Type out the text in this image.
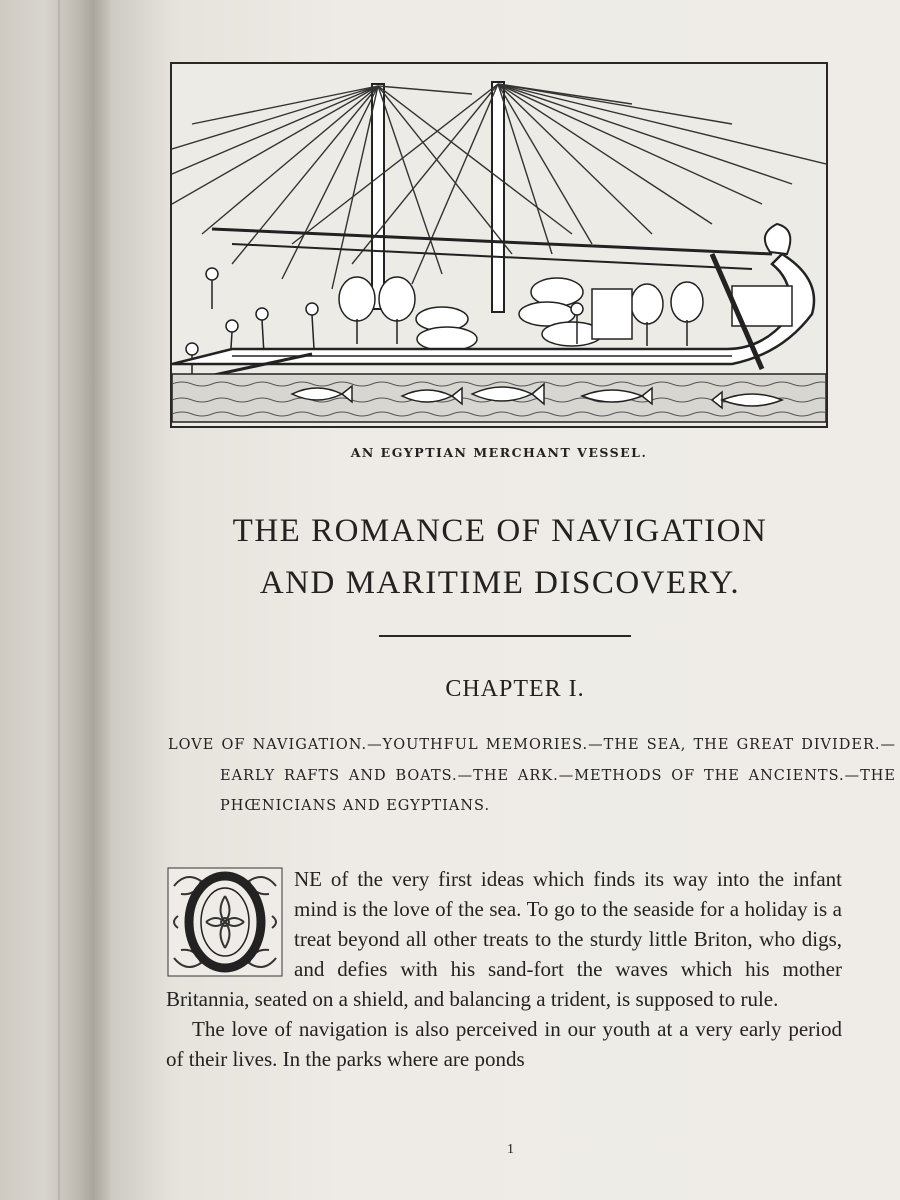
AN EGYPTIAN MERCHANT VESSEL.
THE ROMANCE OF NAVIGATION
AND MARITIME DISCOVERY.
CHAPTER I.
LOVE OF NAVIGATION.—YOUTHFUL MEMORIES.—THE SEA, THE GREAT DIVIDER.—EARLY RAFTS AND BOATS.—THE ARK.—METHODS OF THE ANCIENTS.—THE PHŒNICIANS AND EGYPTIANS.

O
NE of the very first ideas which finds its way into the infant mind is the love of the sea. To go to the seaside for a holiday is a treat beyond all other treats to the sturdy little Briton, who digs, and defies with his sand-fort the waves which his mother Britannia, seated on a shield, and balancing a trident, is supposed to rule.

The love of navigation is also perceived in our youth at a very early period of their lives. In the parks where are ponds

1
